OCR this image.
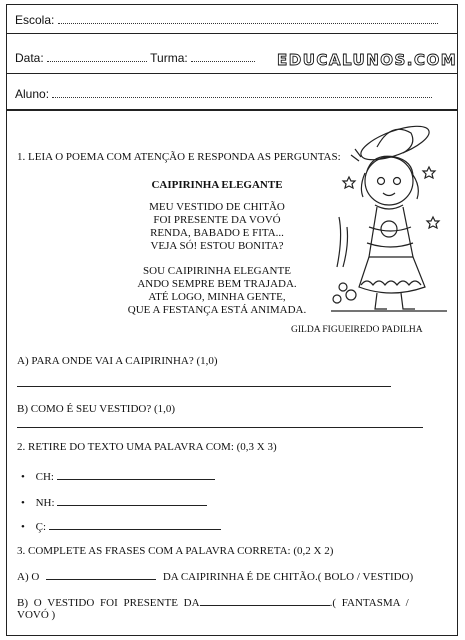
Escola:
Data:	Turma:	EDUCALUNOS.COM
Aluno:
1. LEIA O POEMA COM ATENÇÃO E RESPONDA AS PERGUNTAS:
CAIPIRINHA ELEGANTE
MEU VESTIDO DE CHITÃO
FOI PRESENTE DA VOVÓ
RENDA, BABADO E FITA...
VEJA SÓ! ESTOU BONITA?
SOU CAIPIRINHA ELEGANTE
ANDO SEMPRE BEM TRAJADA.
ATÉ LOGO, MINHA GENTE,
QUE A FESTANÇA ESTÁ ANIMADA.
GILDA FIGUEIREDO PADILHA
A) PARA ONDE VAI A CAIPIRINHA? (1,0)
B) COMO É SEU VESTIDO? (1,0)
2. RETIRE DO TEXTO UMA PALAVRA COM: (0,3 X 3)
• CH:
• NH:
• Ç:
3. COMPLETE AS FRASES COM A PALAVRA CORRETA: (0,2 X 2)
A) O	DA CAIPIRINHA É DE CHITÃO.( BOLO / VESTIDO)
B) O VESTIDO FOI PRESENTE DA	.( FANTASMA /
VOVÓ )
